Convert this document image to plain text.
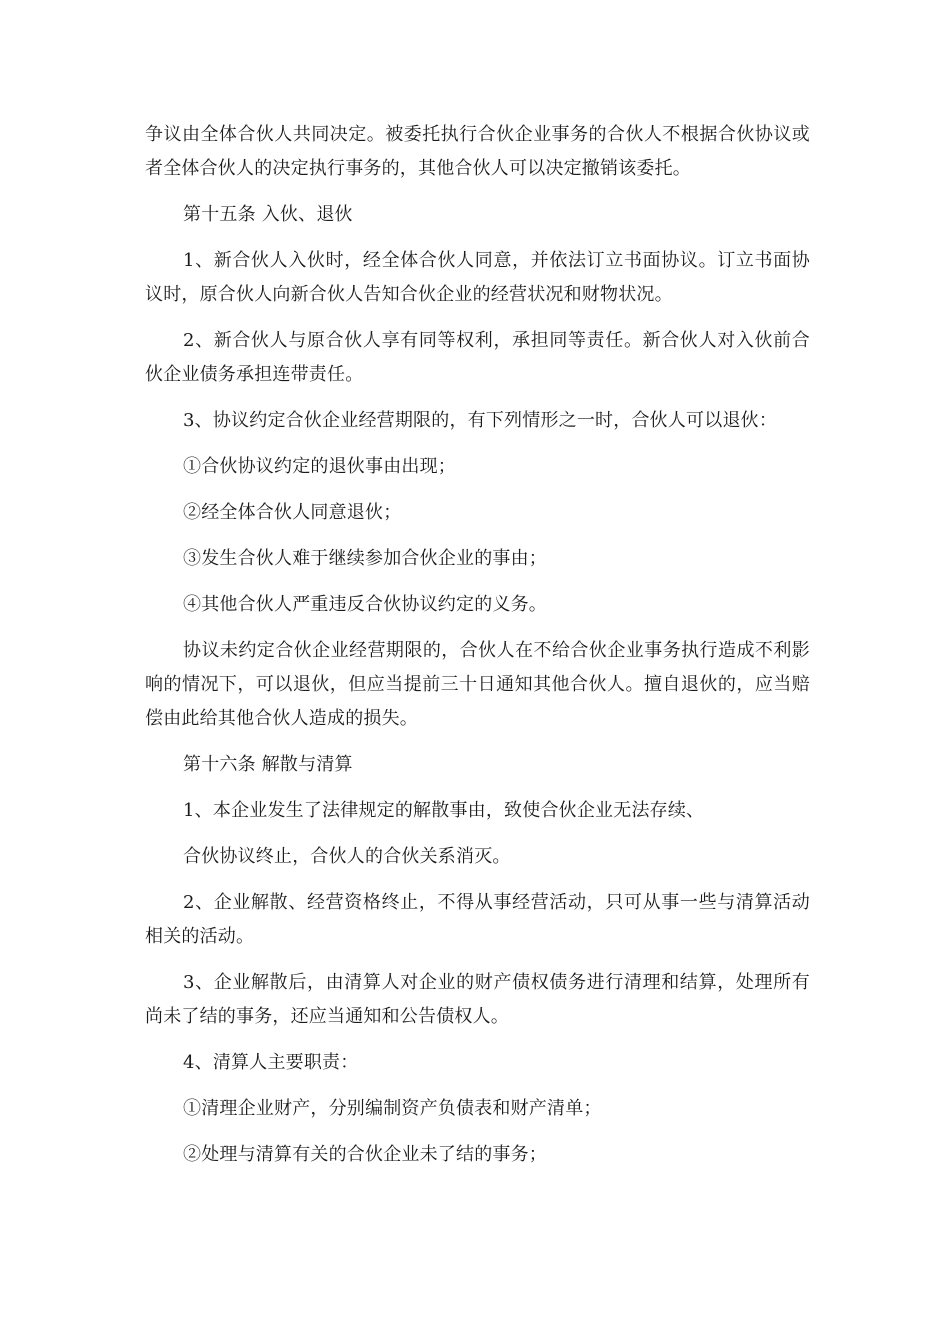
争议由全体合伙人共同决定。被委托执行合伙企业事务的合伙人不根据合伙协议或者全体合伙人的决定执行事务的，其他合伙人可以决定撤销该委托。

第十五条 入伙、退伙

1、新合伙人入伙时，经全体合伙人同意，并依法订立书面协议。订立书面协议时，原合伙人向新合伙人告知合伙企业的经营状况和财物状况。

2、新合伙人与原合伙人享有同等权利，承担同等责任。新合伙人对入伙前合伙企业债务承担连带责任。

3、协议约定合伙企业经营期限的，有下列情形之一时，合伙人可以退伙：

①合伙协议约定的退伙事由出现；

②经全体合伙人同意退伙；

③发生合伙人难于继续参加合伙企业的事由；

④其他合伙人严重违反合伙协议约定的义务。

协议未约定合伙企业经营期限的，合伙人在不给合伙企业事务执行造成不利影响的情况下，可以退伙，但应当提前三十日通知其他合伙人。擅自退伙的，应当赔偿由此给其他合伙人造成的损失。

第十六条 解散与清算

1、本企业发生了法律规定的解散事由，致使合伙企业无法存续、

合伙协议终止，合伙人的合伙关系消灭。

2、企业解散、经营资格终止，不得从事经营活动，只可从事一些与清算活动相关的活动。

3、企业解散后，由清算人对企业的财产债权债务进行清理和结算，处理所有尚未了结的事务，还应当通知和公告债权人。

4、清算人主要职责：

①清理企业财产，分别编制资产负债表和财产清单；

②处理与清算有关的合伙企业未了结的事务；
